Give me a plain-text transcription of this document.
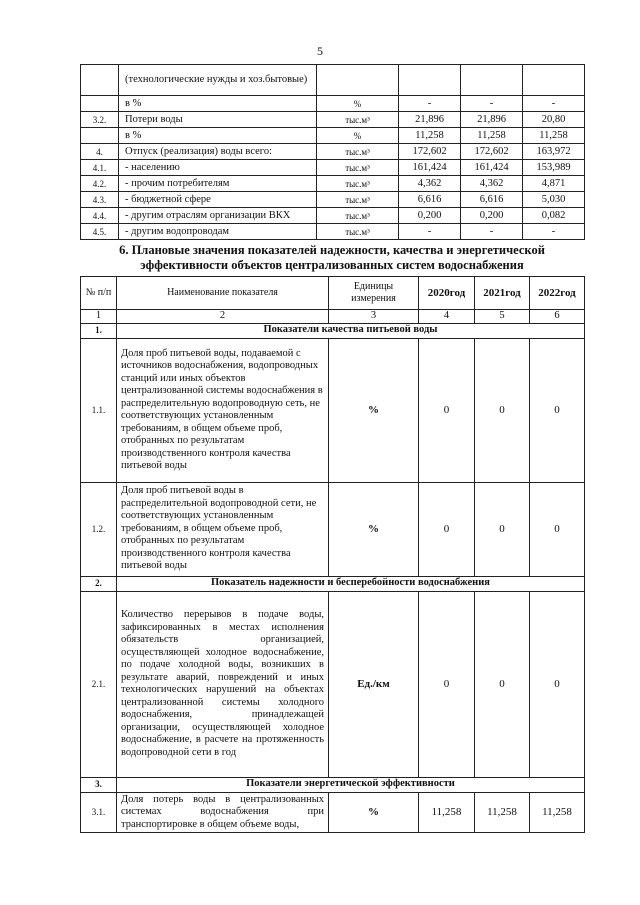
5
	(технологические нужды и хоз.бытовые)				
	в %	%	-	-	-
3.2.	Потери воды	тыс.м³	21,896	21,896	20,80
	в %	%	11,258	11,258	11,258
4.	Отпуск (реализация) воды всего:	тыс.м³	172,602	172,602	163,972
4.1.	- населению	тыс.м³	161,424	161,424	153,989
4.2.	- прочим потребителям	тыс.м³	4,362	4,362	4,871
4.3.	- бюджетной сфере	тыс.м³	6,616	6,616	5,030
4.4.	- другим отраслям организации ВКХ	тыс.м³	0,200	0,200	0,082
4.5.	- другим водопроводам	тыс.м³	-	-	-
6. Плановые значения показателей надежности, качества и энергетической эффективности объектов централизованных систем водоснабжения
№ п/п	Наименование показателя	Единицы измерения	2020год	2021год	2022год
1	2	3	4	5	6
1.	Показатели качества питьевой воды				
1.1.	Доля проб питьевой воды, подаваемой с источников водоснабжения, водопроводных станций или иных объектов централизованной системы водоснабжения в распределительную водопроводную сеть, не соответствующих установленным требованиям, в общем объеме проб, отобранных по результатам производственного контроля качества питьевой воды	%	0	0	0
1.2.	Доля проб питьевой воды в распределительной водопроводной сети, не соответствующих установленным требованиям, в общем объеме проб, отобранных по результатам производственного контроля качества питьевой воды	%	0	0	0
2.	Показатель надежности и бесперебойности водоснабжения				
2.1.	Количество перерывов в подаче воды, зафиксированных в местах исполнения обязательств организацией, осуществляющей холодное водоснабжение, по подаче холодной воды, возникших в результате аварий, повреждений и иных технологических нарушений на объектах централизованной системы холодного водоснабжения, принадлежащей организации, осуществляющей холодное водоснабжение, в расчете на протяженность водопроводной сети в год	Ед./км	0	0	0
3.	Показатели энергетической эффективности				
3.1.	Доля потерь воды в централизованных системах водоснабжения при транспортировке в общем объеме воды,	%	11,258	11,258	11,258
